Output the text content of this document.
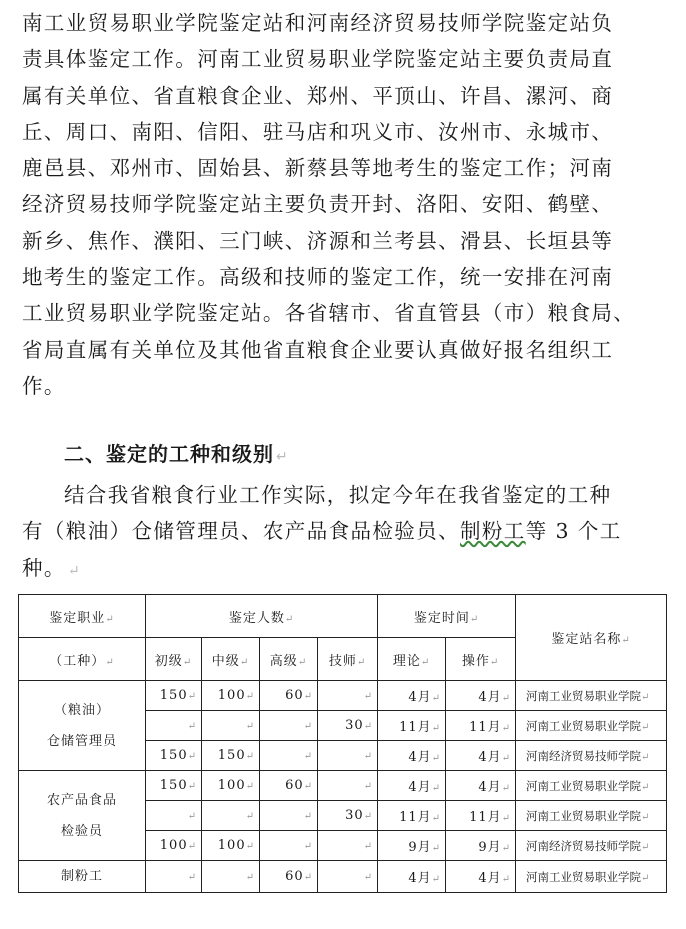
南工业贸易职业学院鉴定站和河南经济贸易技师学院鉴定站负
责具体鉴定工作。河南工业贸易职业学院鉴定站主要负责局直
属有关单位、省直粮食企业、郑州、平顶山、许昌、漯河、商
丘、周口、南阳、信阳、驻马店和巩义市、汝州市、永城市、
鹿邑县、邓州市、固始县、新蔡县等地考生的鉴定工作；河南
经济贸易技师学院鉴定站主要负责开封、洛阳、安阳、鹤壁、
新乡、焦作、濮阳、三门峡、济源和兰考县、滑县、长垣县等
地考生的鉴定工作。高级和技师的鉴定工作，统一安排在河南
工业贸易职业学院鉴定站。各省辖市、省直管县（市）粮食局、
省局直属有关单位及其他省直粮食企业要认真做好报名组织工
作。

二、鉴定的工种和级别 ↵

结合我省粮食行业工作实际，拟定今年在我省鉴定的工种
有（粮油）仓储管理员、农产品食品检验员、制粉工等 3 个工
种。 ↵

鉴定职业↵	鉴定人数↵				鉴定时间↵		鉴定站名称↵
（工种）↵	初级↵	中级↵	高级↵	技师↵	理论↵	操作↵	

（粮油）
仓储管理员	150↵	100↵	60↵	↵	4月↵	4月↵	河南工业贸易职业学院↵
	↵	↵	↵	30↵	11月↵	11月↵	河南工业贸易职业学院↵
	150↵	150↵	↵	↵	4月↵	4月↵	河南经济贸易技师学院↵

农产品食品
检验员	150↵	100↵	60↵	↵	4月↵	4月↵	河南工业贸易职业学院↵
	↵	↵	↵	30↵	11月↵	11月↵	河南工业贸易职业学院↵
	100↵	100↵	↵	↵	9月↵	9月↵	河南经济贸易技师学院↵

制粉工	↵	↵	60↵	↵	4月↵	4月↵	河南工业贸易职业学院↵
